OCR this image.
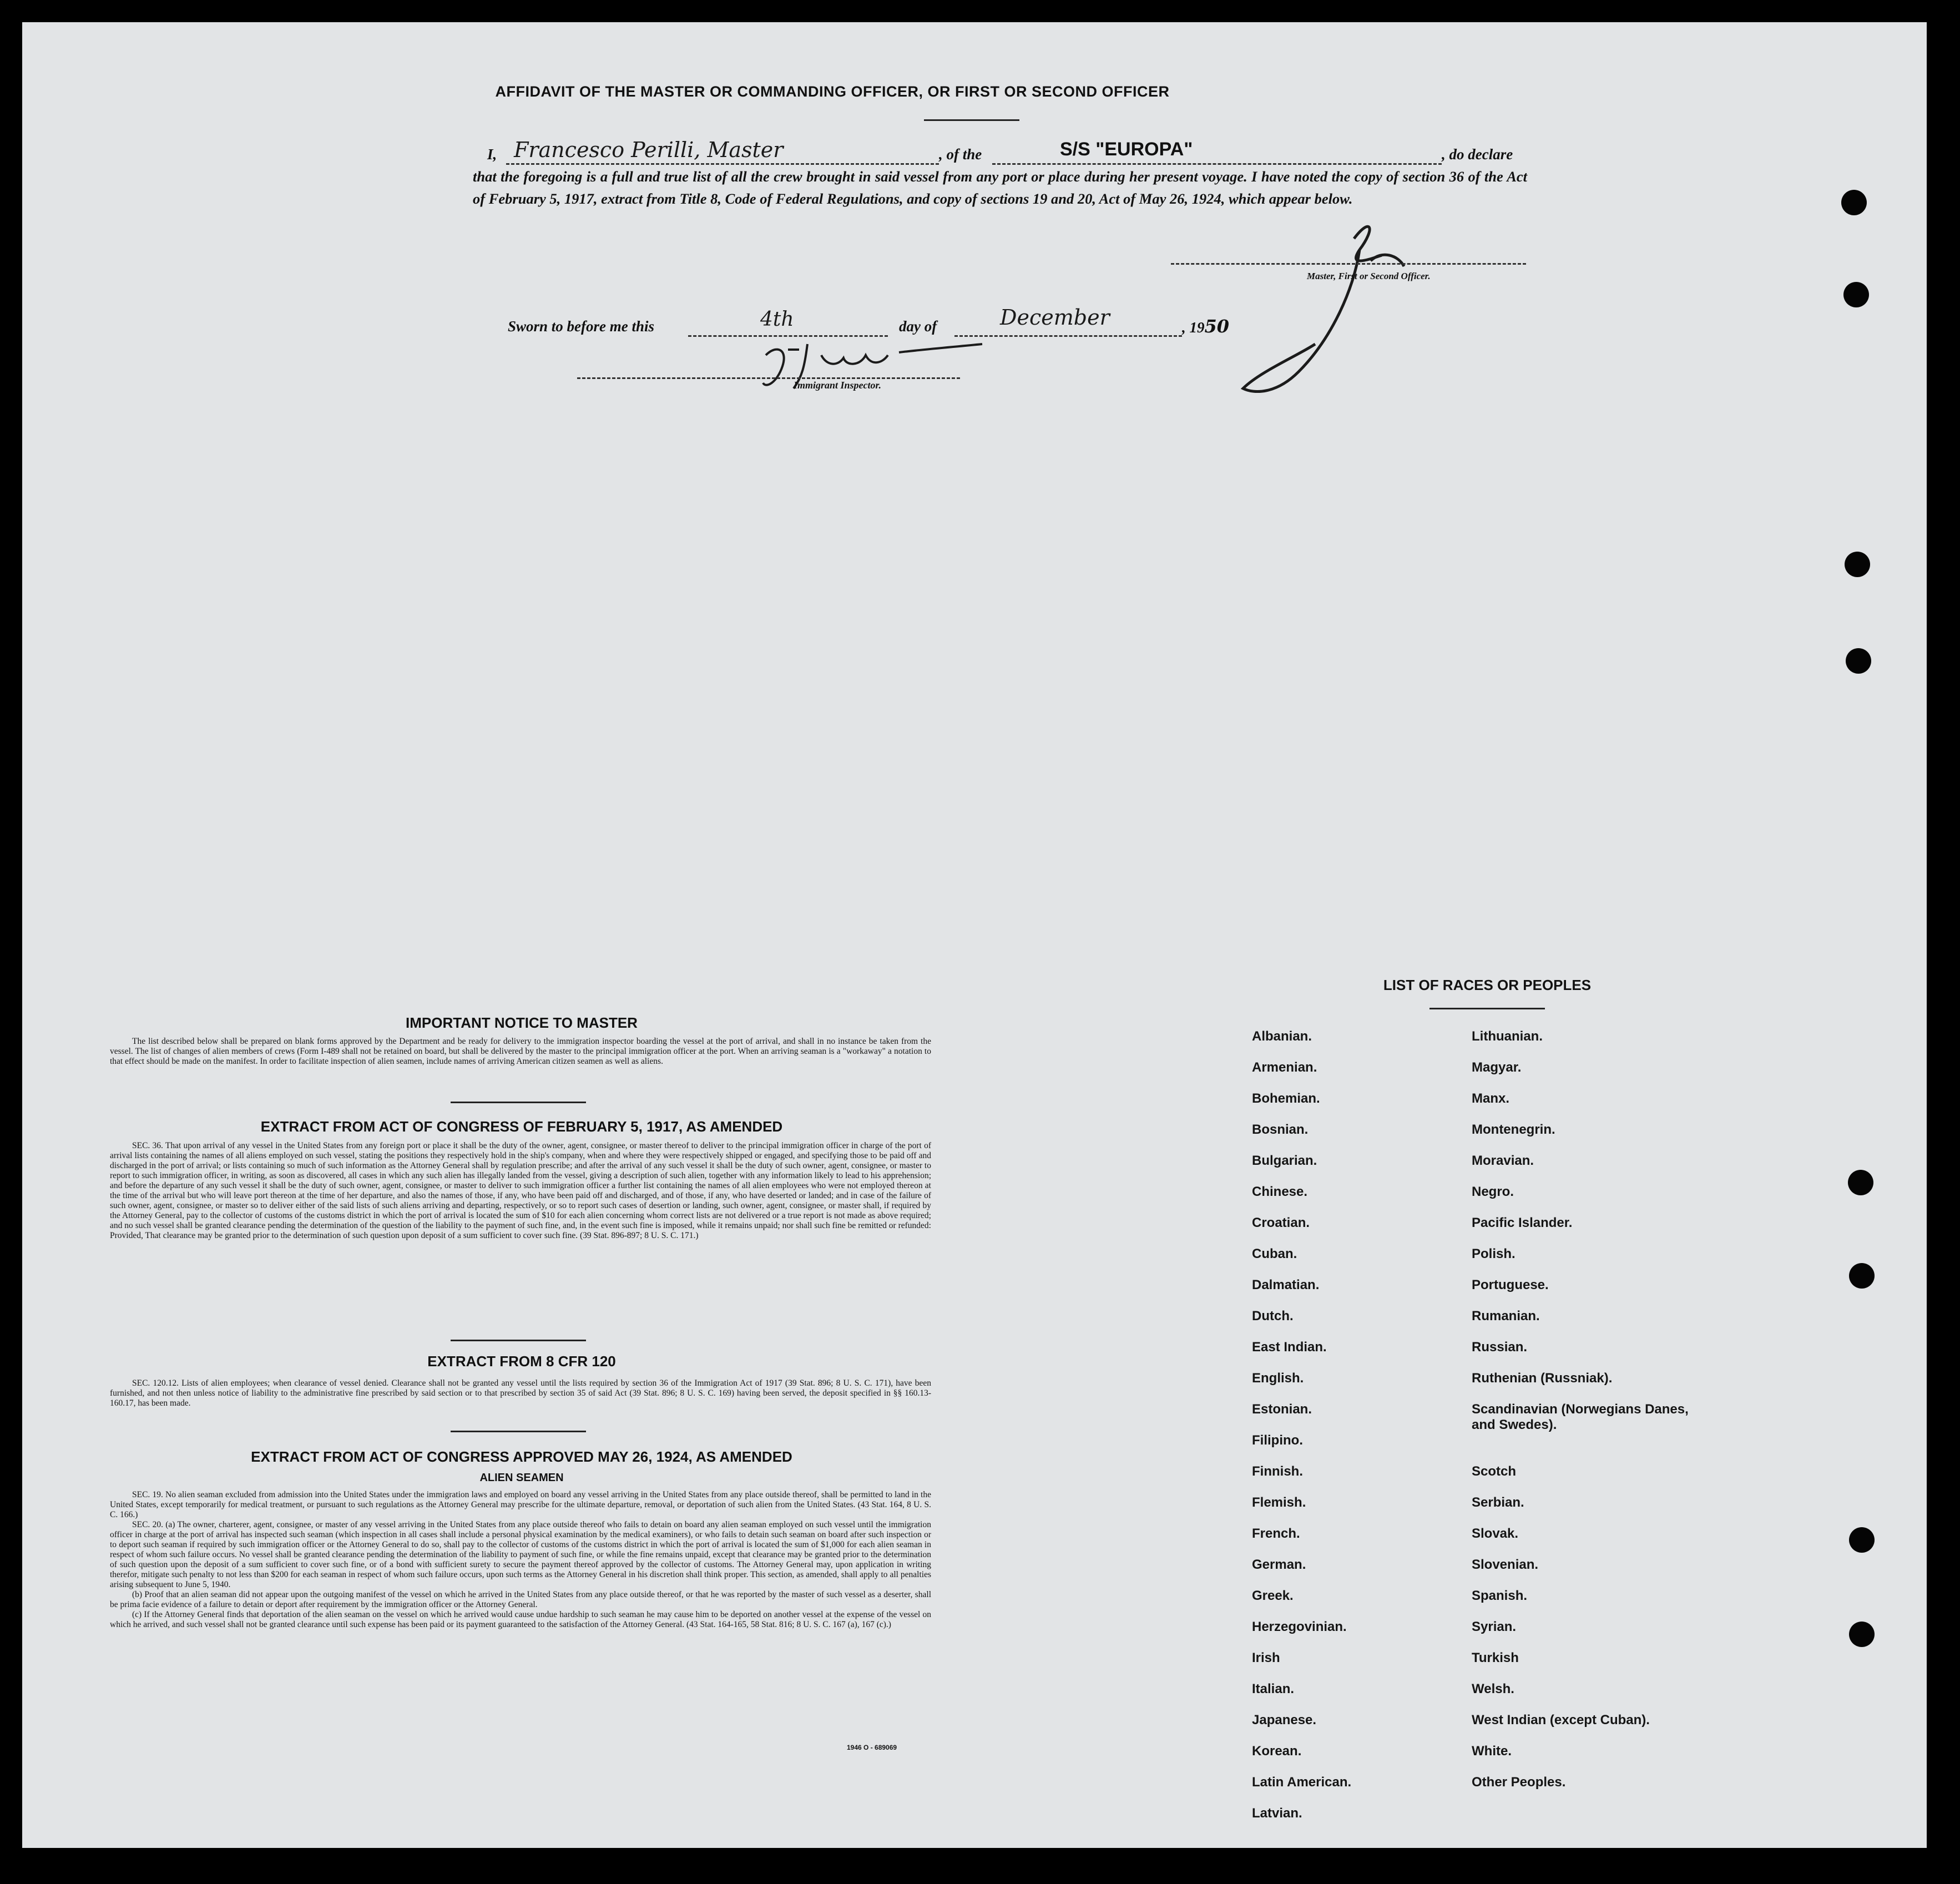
AFFIDAVIT OF THE MASTER OR COMMANDING OFFICER, OR FIRST OR SECOND OFFICER
I, Francesco Perilli, Master	, of the	S/S "EUROPA"	, do declare
that the foregoing is a full and true list of all the crew brought in said vessel from any port or place during her present voyage. I have noted the copy of section 36 of the Act of February 5, 1917, extract from Title 8, Code of Federal Regulations, and copy of sections 19 and 20, Act of May 26, 1924, which appear below.
Master, First or Second Officer.
Sworn to before me this	4th	day of	December	, 1950
Immigrant Inspector.
IMPORTANT NOTICE TO MASTER

The list described below shall be prepared on blank forms approved by the Department and be ready for delivery to the immigration inspector boarding the vessel at the port of arrival, and shall in no instance be taken from the vessel. The list of changes of alien members of crews (Form I-489 shall not be retained on board, but shall be delivered by the master to the principal immigration officer at the port. When an arriving seaman is a "workaway" a notation to that effect should be made on the manifest. In order to facilitate inspection of alien seamen, include names of arriving American citizen seamen as well as aliens.

EXTRACT FROM ACT OF CONGRESS OF FEBRUARY 5, 1917, AS AMENDED

SEC. 36. That upon arrival of any vessel in the United States from any foreign port or place it shall be the duty of the owner, agent, consignee, or master thereof to deliver to the principal immigration officer in charge of the port of arrival lists containing the names of all aliens employed on such vessel, stating the positions they respectively hold in the ship's company, when and where they were respectively shipped or engaged, and specifying those to be paid off and discharged in the port of arrival; or lists containing so much of such information as the Attorney General shall by regulation prescribe; and after the arrival of any such vessel it shall be the duty of such owner, agent, consignee, or master to report to such immigration officer, in writing, as soon as discovered, all cases in which any such alien has illegally landed from the vessel, giving a description of such alien, together with any information likely to lead to his apprehension; and before the departure of any such vessel it shall be the duty of such owner, agent, consignee, or master to deliver to such immigration officer a further list containing the names of all alien employees who were not employed thereon at the time of the arrival but who will leave port thereon at the time of her departure, and also the names of those, if any, who have been paid off and discharged, and of those, if any, who have deserted or landed; and in case of the failure of such owner, agent, consignee, or master so to deliver either of the said lists of such aliens arriving and departing, respectively, or so to report such cases of desertion or landing, such owner, agent, consignee, or master shall, if required by the Attorney General, pay to the collector of customs of the customs district in which the port of arrival is located the sum of $10 for each alien concerning whom correct lists are not delivered or a true report is not made as above required; and no such vessel shall be granted clearance pending the determination of the question of the liability to the payment of such fine, and, in the event such fine is imposed, while it remains unpaid; nor shall such fine be remitted or refunded: Provided, That clearance may be granted prior to the determination of such question upon deposit of a sum sufficient to cover such fine. (39 Stat. 896-897; 8 U. S. C. 171.)

EXTRACT FROM 8 CFR 120

SEC. 120.12. Lists of alien employees; when clearance of vessel denied. Clearance shall not be granted any vessel until the lists required by section 36 of the Immigration Act of 1917 (39 Stat. 896; 8 U. S. C. 171), have been furnished, and not then unless notice of liability to the administrative fine prescribed by said section or to that prescribed by section 35 of said Act (39 Stat. 896; 8 U. S. C. 169) having been served, the deposit specified in §§ 160.13-160.17, has been made.

EXTRACT FROM ACT OF CONGRESS APPROVED MAY 26, 1924, AS AMENDED
ALIEN SEAMEN

SEC. 19. No alien seaman excluded from admission into the United States under the immigration laws and employed on board any vessel arriving in the United States from any place outside thereof, shall be permitted to land in the United States, except temporarily for medical treatment, or pursuant to such regulations as the Attorney General may prescribe for the ultimate departure, removal, or deportation of such alien from the United States. (43 Stat. 164, 8 U. S. C. 166.)

SEC. 20. (a) The owner, charterer, agent, consignee, or master of any vessel arriving in the United States from any place outside thereof who fails to detain on board any alien seaman employed on such vessel until the immigration officer in charge at the port of arrival has inspected such seaman (which inspection in all cases shall include a personal physical examination by the medical examiners), or who fails to detain such seaman on board after such inspection or to deport such seaman if required by such immigration officer or the Attorney General to do so, shall pay to the collector of customs of the customs district in which the port of arrival is located the sum of $1,000 for each alien seaman in respect of whom such failure occurs. No vessel shall be granted clearance pending the determination of the liability to payment of such fine, or while the fine remains unpaid, except that clearance may be granted prior to the determination of such question upon the deposit of a sum sufficient to cover such fine, or of a bond with sufficient surety to secure the payment thereof approved by the collector of customs. The Attorney General may, upon application in writing therefor, mitigate such penalty to not less than $200 for each seaman in respect of whom such failure occurs, upon such terms as the Attorney General in his discretion shall think proper. This section, as amended, shall apply to all penalties arising subsequent to June 5, 1940.

(b) Proof that an alien seaman did not appear upon the outgoing manifest of the vessel on which he arrived in the United States from any place outside thereof, or that he was reported by the master of such vessel as a deserter, shall be prima facie evidence of a failure to detain or deport after requirement by the immigration officer or the Attorney General.

(c) If the Attorney General finds that deportation of the alien seaman on the vessel on which he arrived would cause undue hardship to such seaman he may cause him to be deported on another vessel at the expense of the vessel on which he arrived, and such vessel shall not be granted clearance until such expense has been paid or its payment guaranteed to the satisfaction of the Attorney General. (43 Stat. 164-165, 58 Stat. 816; 8 U. S. C. 167 (a), 167 (c).)

1946 O - 689069
LIST OF RACES OR PEOPLES
Albanian.
Armenian.
Bohemian.
Bosnian.
Bulgarian.
Chinese.
Croatian.
Cuban.
Dalmatian.
Dutch.
East Indian.
English.
Estonian.
Filipino.
Finnish.
Flemish.
French.
German.
Greek.
Herzegovinian.
Irish
Italian.
Japanese.
Korean.
Latin American.
Latvian.
Lithuanian.
Magyar.
Manx.
Montenegrin.
Moravian.
Negro.
Pacific Islander.
Polish.
Portuguese.
Rumanian.
Russian.
Ruthenian (Russniak).
Scandinavian (Norwegians Danes, and Swedes).
Scotch
Serbian.
Slovak.
Slovenian.
Spanish.
Syrian.
Turkish
Welsh.
West Indian (except Cuban).
White.
Other Peoples.
